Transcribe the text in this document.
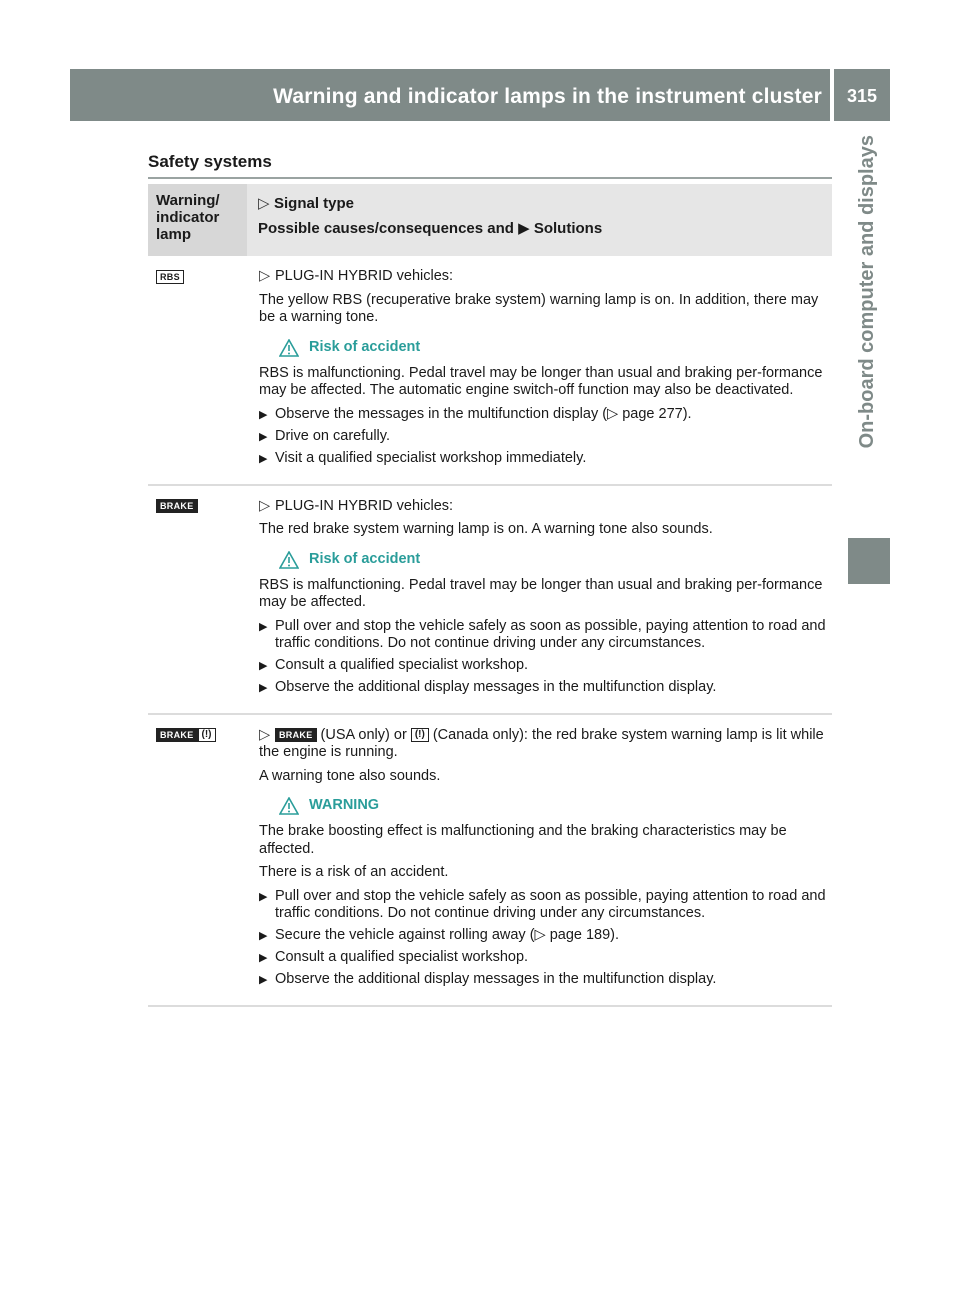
Warning and indicator lamps in the instrument cluster	315
On-board computer and displays
Safety systems
Warning/ indicator lamp
▷ Signal type
Possible causes/consequences and ▶ Solutions
RBS	▷ PLUG-IN HYBRID vehicles:

The yellow RBS (recuperative brake system) warning lamp is on. In addition, there may be a warning tone.

Risk of accident

RBS is malfunctioning. Pedal travel may be longer than usual and braking per-formance may be affected. The automatic engine switch-off function may also be deactivated.

▶ Observe the messages in the multifunction display (▷ page 277).
▶ Drive on carefully.
▶ Visit a qualified specialist workshop immediately.
BRAKE	▷ PLUG-IN HYBRID vehicles:

The red brake system warning lamp is on. A warning tone also sounds.

Risk of accident

RBS is malfunctioning. Pedal travel may be longer than usual and braking per-formance may be affected.

▶ Pull over and stop the vehicle safely as soon as possible, paying attention to road and traffic conditions. Do not continue driving under any circumstances.
▶ Consult a qualified specialist workshop.
▶ Observe the additional display messages in the multifunction display.
BRAKE (!)	▷ BRAKE (USA only) or (!) (Canada only): the red brake system warning lamp is lit while the engine is running.

A warning tone also sounds.

WARNING

The brake boosting effect is malfunctioning and the braking characteristics may be affected.

There is a risk of an accident.

▶ Pull over and stop the vehicle safely as soon as possible, paying attention to road and traffic conditions. Do not continue driving under any circumstances.
▶ Secure the vehicle against rolling away (▷ page 189).
▶ Consult a qualified specialist workshop.
▶ Observe the additional display messages in the multifunction display.
